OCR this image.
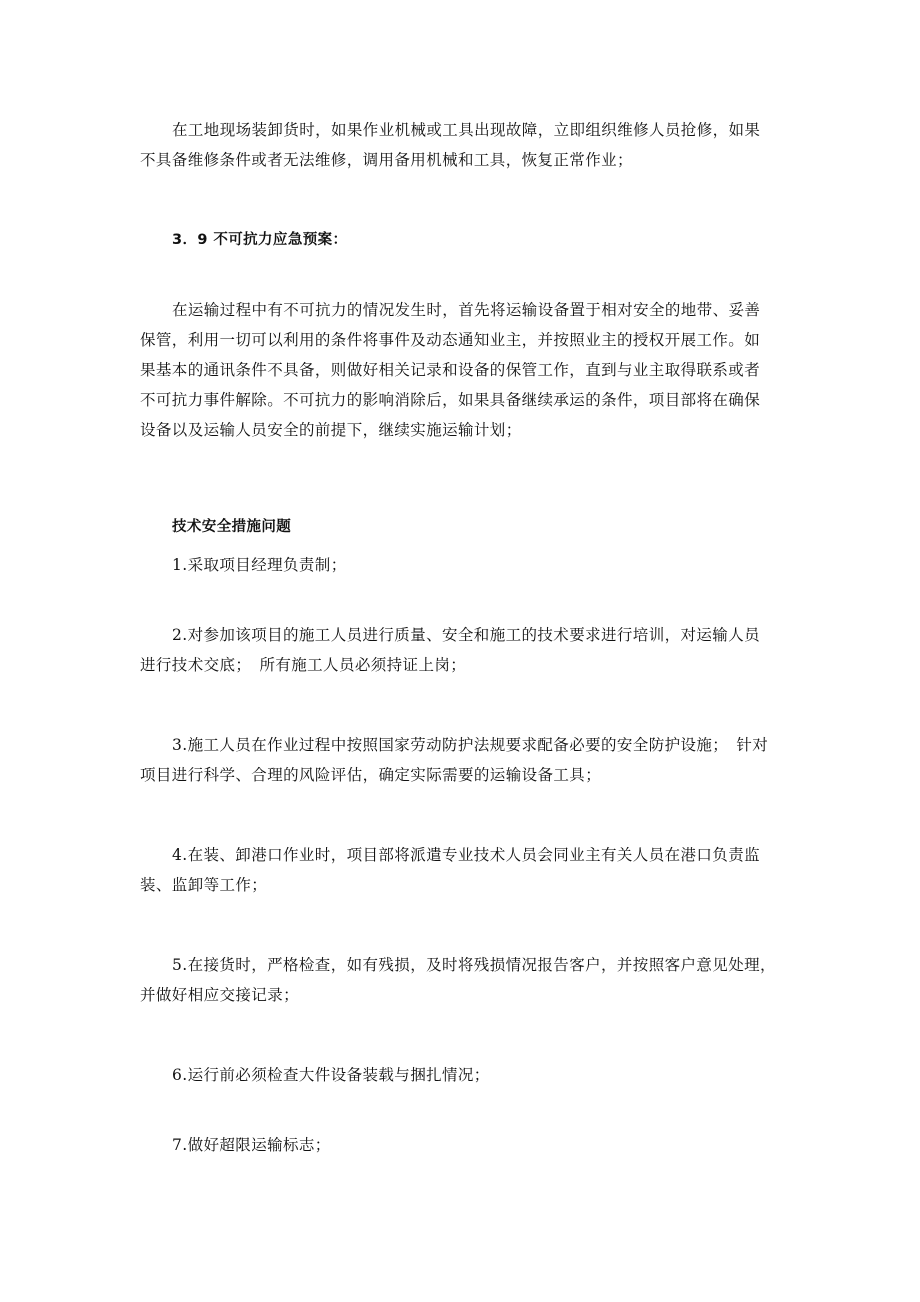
在工地现场装卸货时，如果作业机械或工具出现故障，立即组织维修人员抢修，如果
不具备维修条件或者无法维修，调用备用机械和工具，恢复正常作业；

3．9 不可抗力应急预案：

在运输过程中有不可抗力的情况发生时，首先将运输设备置于相对安全的地带、妥善
保管，利用一切可以利用的条件将事件及动态通知业主，并按照业主的授权开展工作。如
果基本的通讯条件不具备，则做好相关记录和设备的保管工作，直到与业主取得联系或者
不可抗力事件解除。不可抗力的影响消除后，如果具备继续承运的条件，项目部将在确保
设备以及运输人员安全的前提下，继续实施运输计划；

技术安全措施问题

1.采取项目经理负责制；

2.对参加该项目的施工人员进行质量、安全和施工的技术要求进行培训，对运输人员
进行技术交底；　所有施工人员必须持证上岗；

3.施工人员在作业过程中按照国家劳动防护法规要求配备必要的安全防护设施；　针对
项目进行科学、合理的风险评估，确定实际需要的运输设备工具；

4.在装、卸港口作业时，项目部将派遣专业技术人员会同业主有关人员在港口负责监
装、监卸等工作；

5.在接货时，严格检查，如有残损，及时将残损情况报告客户，并按照客户意见处理，
并做好相应交接记录；

6.运行前必须检查大件设备装载与捆扎情况；

7.做好超限运输标志；
